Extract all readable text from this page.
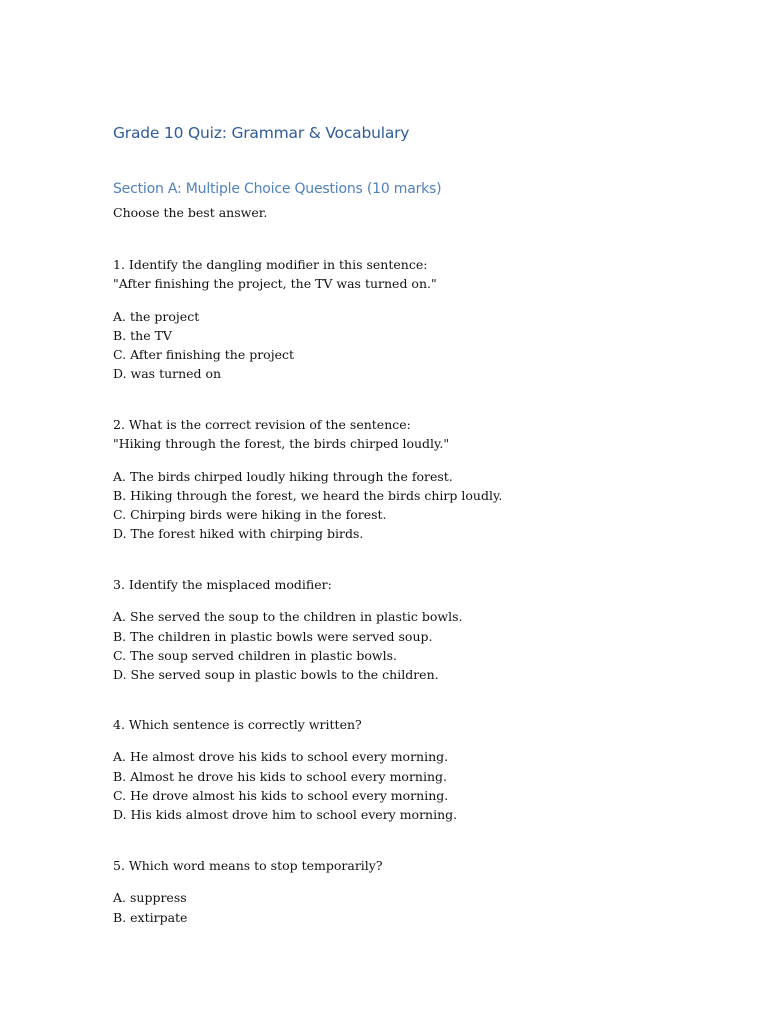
Grade 10 Quiz: Grammar & Vocabulary
Section A: Multiple Choice Questions (10 marks)
Choose the best answer.
1. Identify the dangling modifier in this sentence:
"After finishing the project, the TV was turned on."
A. the project
B. the TV
C. After finishing the project
D. was turned on
2. What is the correct revision of the sentence:
"Hiking through the forest, the birds chirped loudly."
A. The birds chirped loudly hiking through the forest.
B. Hiking through the forest, we heard the birds chirp loudly.
C. Chirping birds were hiking in the forest.
D. The forest hiked with chirping birds.
3. Identify the misplaced modifier:
A. She served the soup to the children in plastic bowls.
B. The children in plastic bowls were served soup.
C. The soup served children in plastic bowls.
D. She served soup in plastic bowls to the children.
4. Which sentence is correctly written?
A. He almost drove his kids to school every morning.
B. Almost he drove his kids to school every morning.
C. He drove almost his kids to school every morning.
D. His kids almost drove him to school every morning.
5. Which word means to stop temporarily?
A. suppress
B. extirpate
